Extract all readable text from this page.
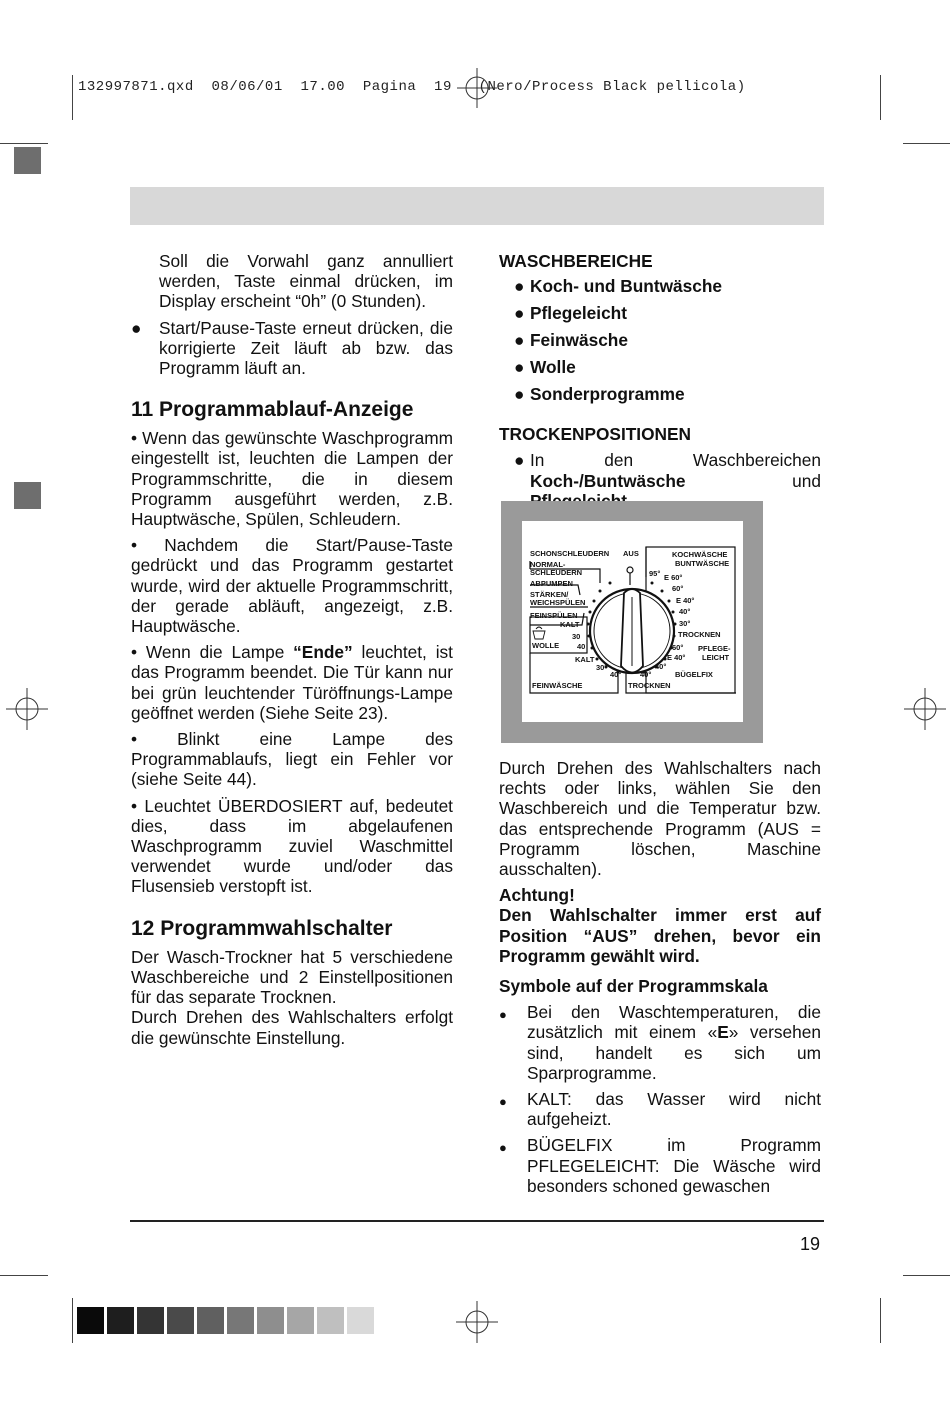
132997871.qxd  08/06/01  17.00  Pagina  19   (Nero/Process Black pellicola)

Soll die Vorwahl ganz annulliert werden, Taste einmal drücken, im Display erscheint “0h” (0 Stunden).

●	Start/Pause-Taste erneut drücken, die korrigierte Zeit läuft ab bzw. das Programm läuft an.
11 Programmablauf-Anzeige

• Wenn das gewünschte Waschprogramm eingestellt ist, leuchten die Lampen der Programmschritte, die in diesem Programm ausgeführt werden, z.B. Hauptwäsche, Spülen, Schleudern.

• Nachdem die Start/Pause-Taste gedrückt und das Programm gestartet wurde, wird der aktuelle Programmschritt, der gerade abläuft, angezeigt, z.B. Hauptwäsche.

• Wenn die Lampe “Ende” leuchtet, ist das Programm beendet. Die Tür kann nur bei grün leuchtender Türöffnungs-Lampe geöffnet werden (Siehe Seite 23).

• Blinkt eine Lampe des Programmablaufs, liegt ein Fehler vor (siehe Seite 44).

• Leuchtet ÜBERDOSIERT auf, bedeutet dies, dass im abgelaufenen Waschprogramm zuviel Waschmittel verwendet wurde und/oder das Flusensieb verstopft ist.

12 Programmwahlschalter

Der Wasch-Trockner hat 5 verschiedene Waschbereiche und 2 Einstellpositionen für das separate Trocknen.

Durch Drehen des Wahlschalters erfolgt die gewünschte Einstellung.

WASCHBEREICHE

● Koch- und Buntwäsche
● Pflegeleicht
● Feinwäsche
● Wolle
● Sonderprogramme

TROCKENPOSITIONEN

● In den Waschbereichen Koch-/Buntwäsche und
SCHONSCHLEUDERN AUS	KOCHWÄSCHE
BUNTWÄSCHE
NORMAL-
SCHLEUDERN
ABPUMPEN
STÄRKEN/
WEICHSPÜLEN
FEINSPÜLEN
KALT
WOLLE
KALT
FEINWÄSCHE	TROCKNEN
TROCKNEN
PFLEGE-
LEICHT
BÜGELFIX
95° E 60°
60°
E 40°
40°
30°
60°
E 40°
40°
40°
30°
40°
30
40

Durch Drehen des Wahlschalters nach rechts oder links, wählen Sie den Waschbereich und die Temperatur bzw. das entsprechende Programm (AUS = Programm löschen, Maschine ausschalten).

Achtung!

Den Wahlschalter immer erst auf Position “AUS” drehen, bevor ein Programm gewählt wird.

Symbole auf der Programmskala

●	Bei den Waschtemperaturen, die zusätzlich mit einem «E» versehen sind, handelt es sich um Sparprogramme.
●	KALT: das Wasser wird nicht aufgeheizt.
●	BÜGELFIX im Programm PFLEGELEICHT: Die Wäsche wird besonders schoned gewaschen
19
